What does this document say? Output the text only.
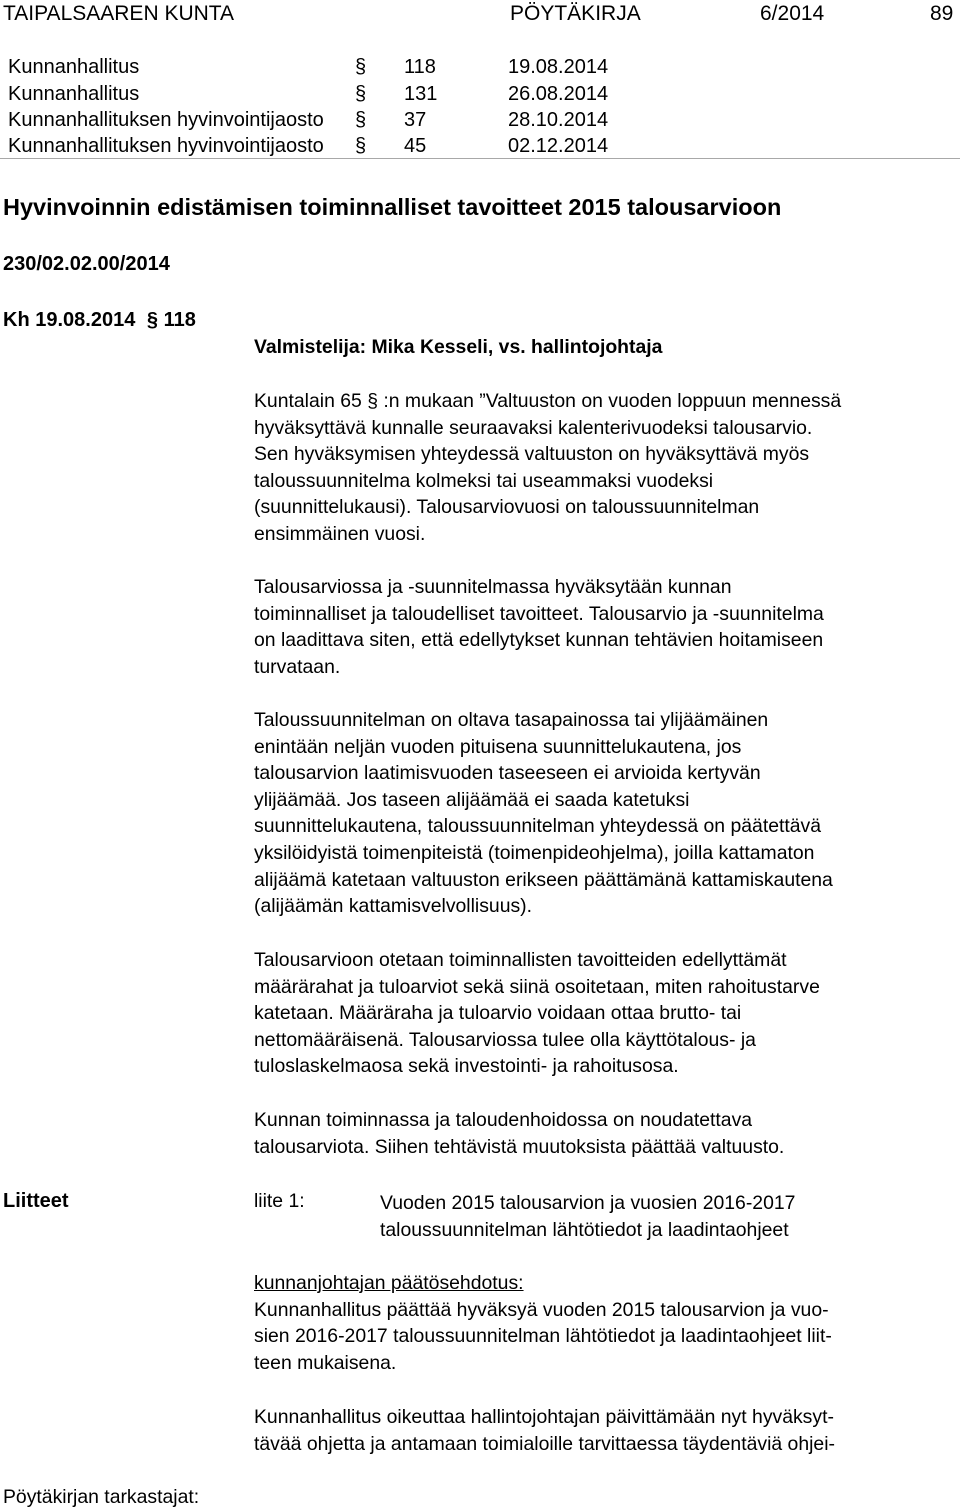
TAIPALSAAREN KUNTA	PÖYTÄKIRJA	6/2014	89
Kunnanhallitus	§ 118	19.08.2014
Kunnanhallitus	§ 131	26.08.2014
Kunnanhallituksen hyvinvointijaosto § 37	28.10.2014
Kunnanhallituksen hyvinvointijaosto § 45	02.12.2014
Hyvinvoinnin edistämisen toiminnalliset tavoitteet 2015 talousarvioon
230/02.02.00/2014
Kh 19.08.2014 § 118
Valmistelija: Mika Kesseli, vs. hallintojohtaja

Kuntalain 65 § :n mukaan ”Valtuuston on vuoden loppuun mennessä

hyväksyttävä kunnalle seuraavaksi kalenterivuodeksi talousarvio.

Sen hyväksymisen yhteydessä valtuuston on hyväksyttävä myös

taloussuunnitelma kolmeksi tai useammaksi vuodeksi

(suunnittelukausi). Talousarviovuosi on taloussuunnitelman

ensimmäinen vuosi.

Talousarviossa ja -suunnitelmassa hyväksytään kunnan

toiminnalliset ja taloudelliset tavoitteet. Talousarvio ja -suunnitelma

on laadittava siten, että edellytykset kunnan tehtävien hoitamiseen

turvataan.

Taloussuunnitelman on oltava tasapainossa tai ylijäämäinen

enintään neljän vuoden pituisena suunnittelukautena, jos

talousarvion laatimisvuoden taseeseen ei arvioida kertyvän

ylijäämää. Jos taseen alijäämää ei saada katetuksi

suunnittelukautena, taloussuunnitelman yhteydessä on päätettävä

yksilöidyistä toimenpiteistä (toimenpideohjelma), joilla kattamaton

alijäämä katetaan valtuuston erikseen päättämänä kattamiskautena

(alijäämän kattamisvelvollisuus).

Talousarvioon otetaan toiminnallisten tavoitteiden edellyttämät

määrärahat ja tuloarviot sekä siinä osoitetaan, miten rahoitustarve

katetaan. Määräraha ja tuloarvio voidaan ottaa brutto- tai

nettomääräisenä. Talousarviossa tulee olla käyttötalous- ja

tuloslaskelmaosa sekä investointi- ja rahoitusosa.

Kunnan toiminnassa ja taloudenhoidossa on noudatettava

talousarviota. Siihen tehtävistä muutoksista päättää valtuusto.

Liitteet	liite 1:	Vuoden 2015 talousarvion ja vuosien 2016-2017

taloussuunnitelman lähtötiedot ja laadintaohjeet

kunnanjohtajan päätösehdotus:

Kunnanhallitus päättää hyväksyä vuoden 2015 talousarvion ja vuo-

sien 2016-2017 taloussuunnitelman lähtötiedot ja laadintaohjeet liit-

teen mukaisena.

Kunnanhallitus oikeuttaa hallintojohtajan päivittämään nyt hyväksyt-

tävää ohjetta ja antamaan toimialoille tarvittaessa täydentäviä ohjei-

Pöytäkirjan tarkastajat:
